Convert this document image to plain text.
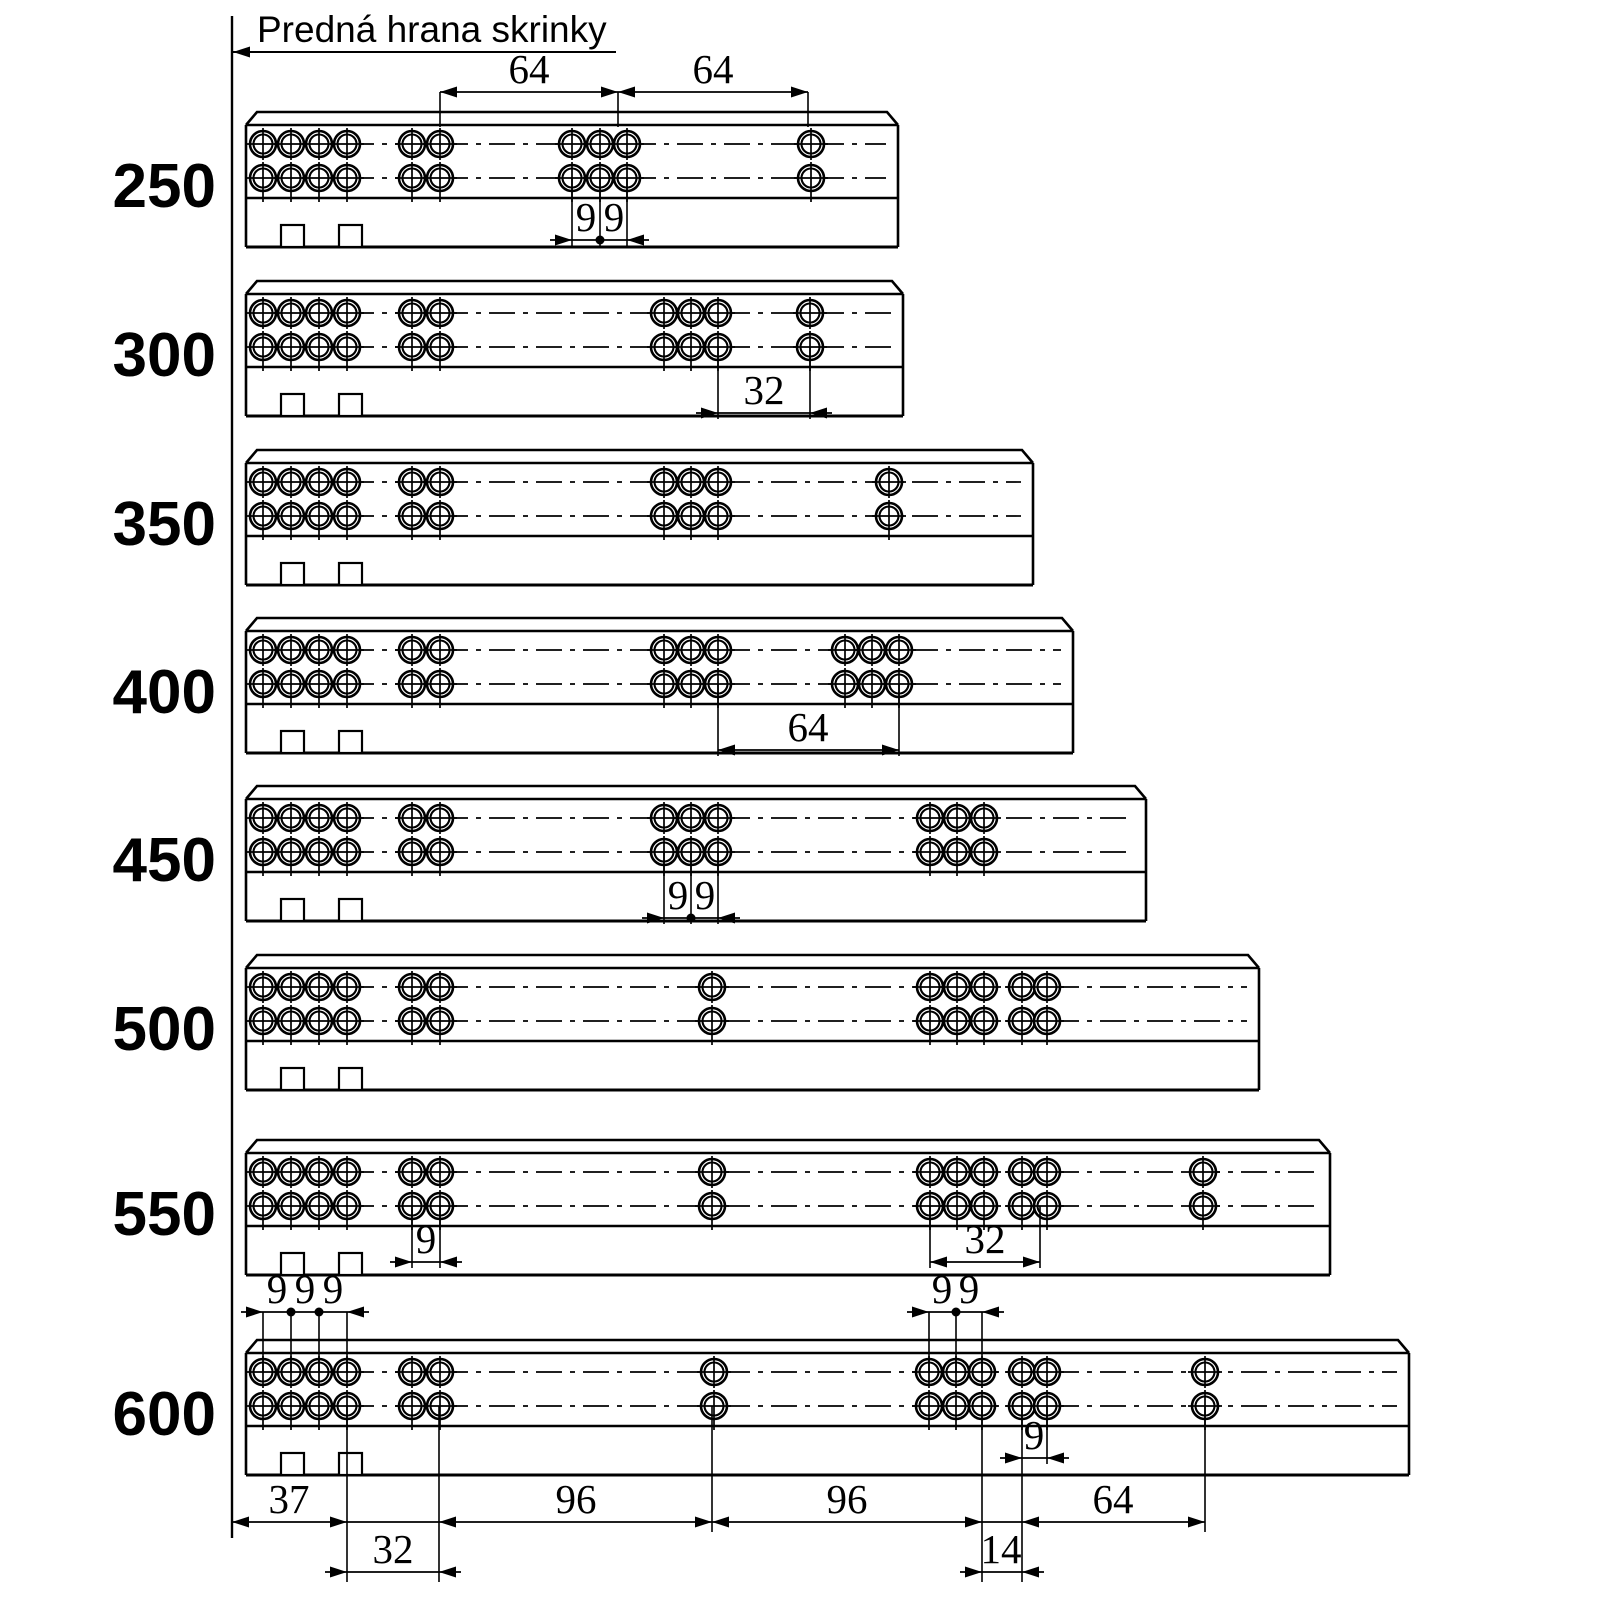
Predná hrana skrinky
250
300
350
400
450
500
550
600
64	64
9 9
32
64
9 9
9	32
9 9 9	9 9
9
37	96	96	64
32	14
